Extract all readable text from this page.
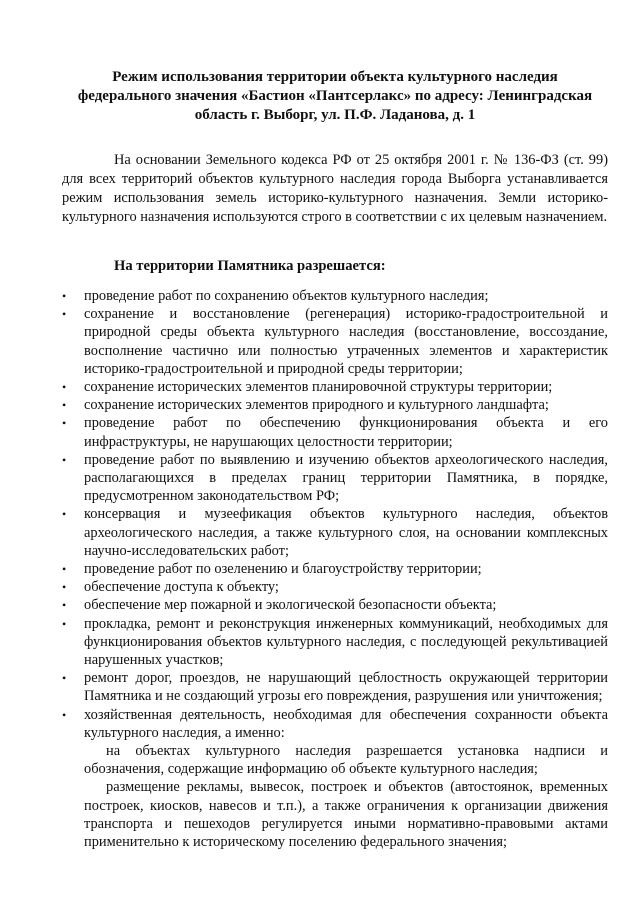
Режим использования территории объекта культурного наследия
федерального значения «Бастион «Пантсерлакс» по адресу: Ленинградская
область г. Выборг, ул. П.Ф. Ладанова, д. 1

На основании Земельного кодекса РФ от 25 октября 2001 г. № 136-ФЗ (ст. 99) для всех территорий объектов культурного наследия города Выборга устанавливается режим использования земель историко-культурного назначения. Земли историко-культурного назначения используются строго в соответствии с их целевым назначением.

На территории Памятника разрешается:
• проведение работ по сохранению объектов культурного наследия;
• сохранение и восстановление (регенерация) историко-градостроительной и природной среды объекта культурного наследия (восстановление, воссоздание, восполнение частично или полностью утраченных элементов и характеристик историко-градостроительной и природной среды территории;
• сохранение исторических элементов планировочной структуры территории;
• сохранение исторических элементов природного и культурного ландшафта;
• проведение работ по обеспечению функционирования объекта и его инфраструктуры, не нарушающих целостности территории;
• проведение работ по выявлению и изучению объектов археологического наследия, располагающихся в пределах границ территории Памятника, в порядке, предусмотренном законодательством РФ;
• консервация и музеефикация объектов культурного наследия, объектов археологического наследия, а также культурного слоя, на основании комплексных научно-исследовательских работ;
• проведение работ по озеленению и благоустройству территории;
• обеспечение доступа к объекту;
• обеспечение мер пожарной и экологической безопасности объекта;
• прокладка, ремонт и реконструкция инженерных коммуникаций, необходимых для функционирования объектов культурного наследия, с последующей рекультивацией нарушенных участков;
• ремонт дорог, проездов, не нарушающий цеблостность окружающей территории Памятника и не создающий угрозы его повреждения, разрушения или уничтожения;
• хозяйственная деятельность, необходимая для обеспечения сохранности объекта культурного наследия, а именно:

на объектах культурного наследия разрешается установка надписи и обозначения, содержащие информацию об объекте культурного наследия;

размещение рекламы, вывесок, построек и объектов (автостоянок, временных построек, киосков, навесов и т.п.), а также ограничения к организации движения транспорта и пешеходов регулируется иными нормативно-правовыми актами применительно к историческому поселению федерального значения;
